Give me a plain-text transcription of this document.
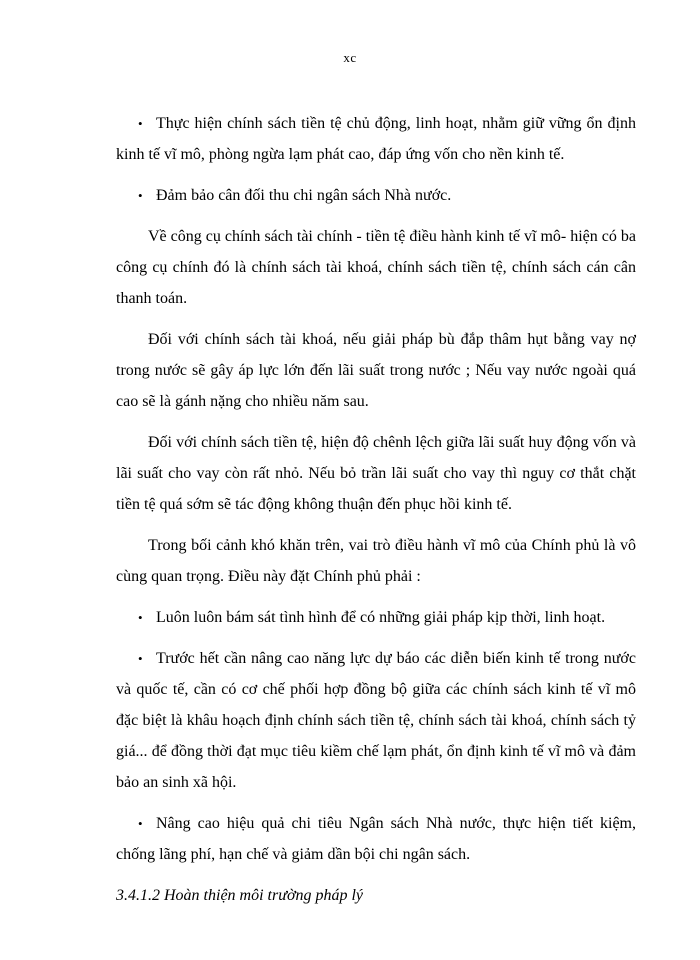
xc

• Thực hiện chính sách tiền tệ chủ động, linh hoạt, nhằm giữ vững ổn định kinh tế vĩ mô, phòng ngừa lạm phát cao, đáp ứng vốn cho nền kinh tế.

• Đảm bảo cân đối thu chi ngân sách Nhà nước.

Về công cụ chính sách tài chính - tiền tệ điều hành kinh tế vĩ mô- hiện có ba công cụ chính đó là chính sách tài khoá, chính sách tiền tệ, chính sách cán cân thanh toán.

Đối với chính sách tài khoá, nếu giải pháp bù đắp thâm hụt bằng vay nợ trong nước sẽ gây áp lực lớn đến lãi suất trong nước ; Nếu vay nước ngoài quá cao sẽ là gánh nặng cho nhiều năm sau.

Đối với chính sách tiền tệ, hiện độ chênh lệch giữa lãi suất huy động vốn và lãi suất cho vay còn rất nhỏ. Nếu bỏ trần lãi suất cho vay thì nguy cơ thắt chặt tiền tệ quá sớm sẽ tác động không thuận đến phục hồi kinh tế.

Trong bối cảnh khó khăn trên, vai trò điều hành vĩ mô của Chính phủ là vô cùng quan trọng. Điều này đặt Chính phủ phải :

• Luôn luôn bám sát tình hình để có những giải pháp kịp thời, linh hoạt.

• Trước hết cần nâng cao năng lực dự báo các diễn biến kinh tế trong nước và quốc tế, cần có cơ chế phối hợp đồng bộ giữa các chính sách kinh tế vĩ mô đặc biệt là khâu hoạch định chính sách tiền tệ, chính sách tài khoá, chính sách tỷ giá... để đồng thời đạt mục tiêu kiềm chế lạm phát, ổn định kinh tế vĩ mô và đảm bảo an sinh xã hội.

• Nâng cao hiệu quả chi tiêu Ngân sách Nhà nước, thực hiện tiết kiệm, chống lãng phí, hạn chế và giảm dần bội chi ngân sách.

3.4.1.2 Hoàn thiện môi trường pháp lý
